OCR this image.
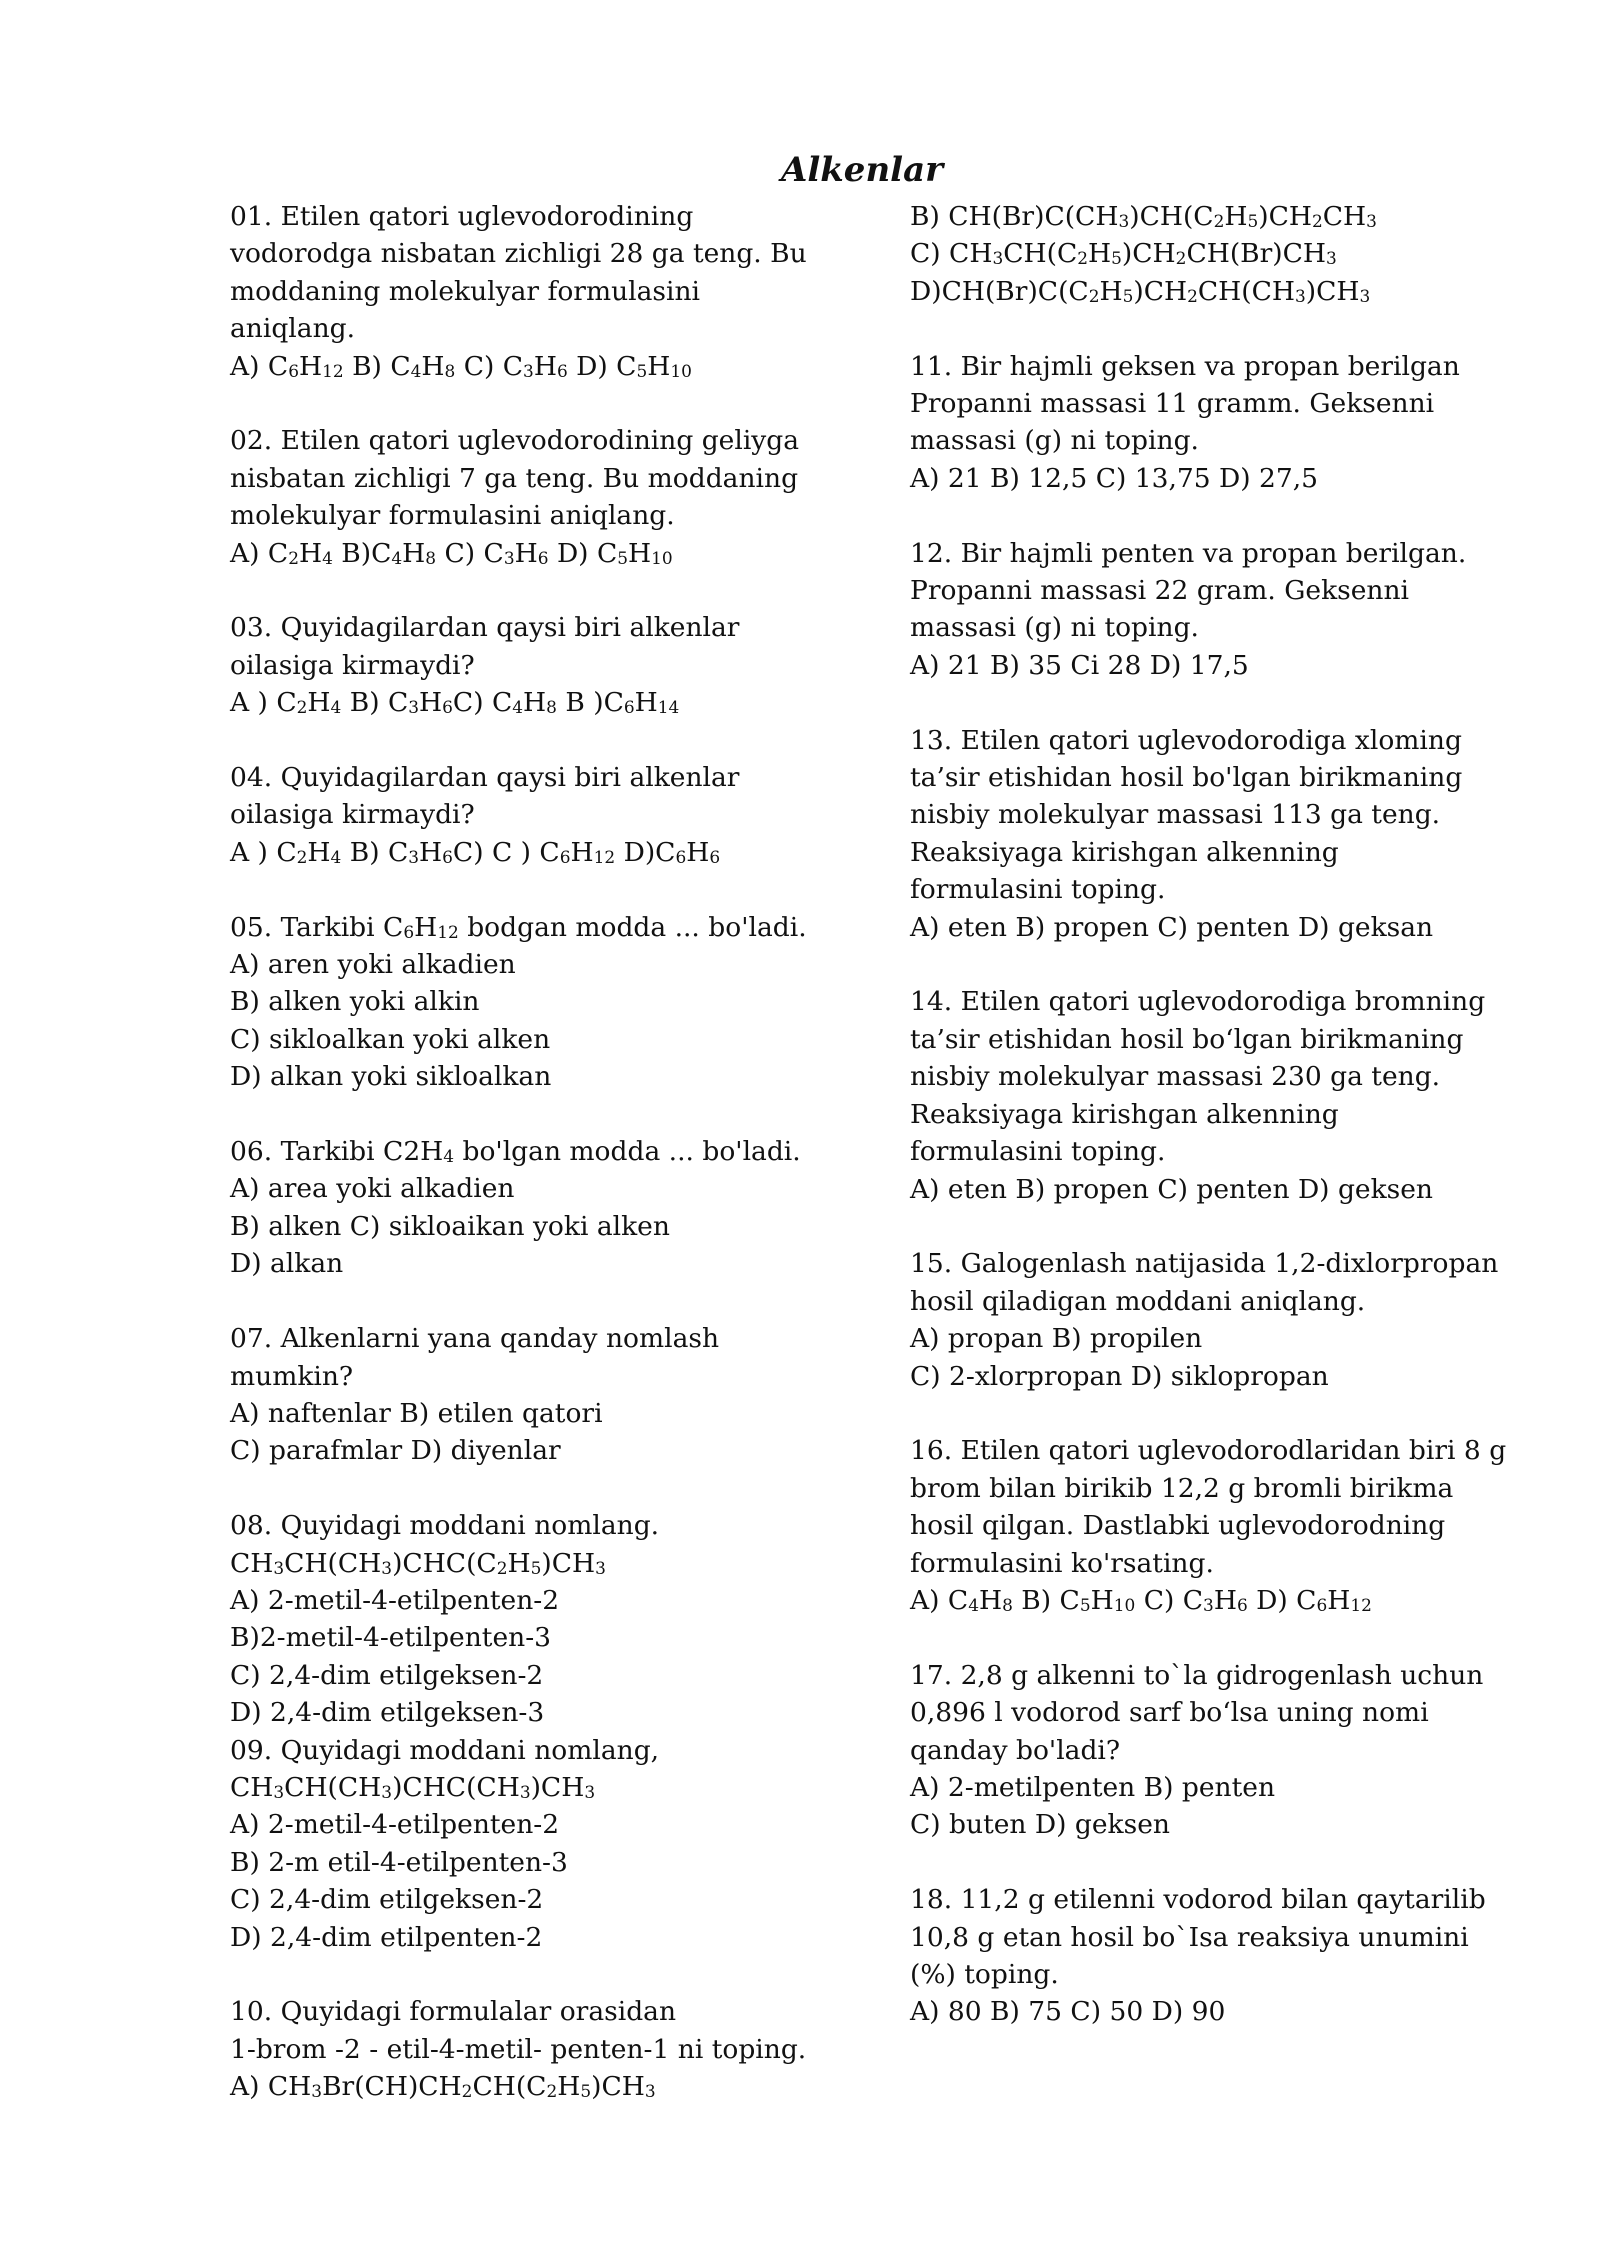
Alkenlar
01. Etilen qatori uglevodorodining
vodorodga nisbatan zichligi 28 ga teng. Bu
moddaning molekulyar formulasini
aniqlang.
A) $C_6H_{12}$ B) $C_4H_8$ C) $C_3H_6$ D) $C_5H_{10}$
02. Etilen qatori uglevodorodining geliyga
nisbatan zichligi 7 ga teng. Bu moddaning
molekulyar formulasini aniqlang.
A) $C_2H_4$ $B)C_4H_8$ C) $C_3H_6$ D) $C_5H_{10}$
03. Quyidagilardan qaysi biri alkenlar
oilasiga kirmaydi?
A ) $C_2H_4$ B) $C_3H_6C$) $C_4H_8$ B )$C_6H_{14}$
04. Quyidagilardan qaysi biri alkenlar
oilasiga kirmaydi?
A ) $C_2H_4$ B) $C_3H_6C$) C ) $C_6H_{12}$ $D)C_6H_6$
05. Tarkibi $C_6H_{12}$ bodgan modda ... bo'ladi.
A) aren yoki alkadien
B) alken yoki alkin
C) sikloalkan yoki alken
D) alkan yoki sikloalkan
06. Tarkibi $C2H_4$ bo'lgan modda ... bo'ladi.
A) area yoki alkadien
B) alken C) sikloaikan yoki alken
D) alkan
07. Alkenlarni yana qanday nomlash
mumkin?
A) naftenlar B) etilen qatori
C) parafmlar D) diyenlar
08. Quyidagi moddani nomlang.
$CH_3CH(CH_3)CHC(C_2H_5)CH_3$
A) 2-metil-4-etilpenten-2
B)2-metil-4-etilpenten-3
C) 2,4-dim etilgeksen-2
D) 2,4-dim etilgeksen-3
09. Quyidagi moddani nomlang,
$CH_3CH(CH_3)CHC(CH_3)CH_3$
A) 2-metil-4-etilpenten-2
B) 2-m etil-4-etilpenten-3
C) 2,4-dim etilgeksen-2
D) 2,4-dim etilpenten-2
10. Quyidagi formulalar orasidan
1-brom -2 - etil-4-metil- penten-1 ni toping.
A) $CH_3Br(CH)CH_2CH(C_2H_5)CH_3$
B) $CH(Br)C(CH_3)CH(C_2H_5)CH_2CH_3$
C) $CH_3CH(C_2H_5)CH_2CH(Br)CH_3$
$D)CH(Br)C(C_2H_5)CH_2CH(CH_3)CH_3$
11. Bir hajmli geksen va propan berilgan
Propanni massasi 11 gramm. Geksenni
massasi (g) ni toping.
A) 21 B) 12,5 C) 13,75 D) 27,5
12. Bir hajmli penten va propan berilgan.
Propanni massasi 22 gram. Geksenni
massasi (g) ni toping.
A) 21 B) 35 Ci 28 D) 17,5
13. Etilen qatori uglevodorodiga xloming
ta’sir etishidan hosil bo'lgan birikmaning
nisbiy molekulyar massasi 113 ga teng.
Reaksiyaga kirishgan alkenning
formulasini toping.
A) eten B) propen C) penten D) geksan
14. Etilen qatori uglevodorodiga bromning
ta’sir etishidan hosil bo‘lgan birikmaning
nisbiy molekulyar massasi 230 ga teng.
Reaksiyaga kirishgan alkenning
formulasini toping.
A) eten B) propen C) penten D) geksen
15. Galogenlash natijasida 1,2-dixlorpropan
hosil qiladigan moddani aniqlang.
A) propan B) propilen
C) 2-xlorpropan D) siklopropan
16. Etilen qatori uglevodorodlaridan biri 8 g
brom bilan birikib 12,2 g bromli birikma
hosil qilgan. Dastlabki uglevodorodning
formulasini ko'rsating.
A) $C_4H_8$ B) $C_5H_{10}$ C) $C_3H_6$ D) $C_6H_{12}$
17. 2,8 g alkenni to`la gidrogenlash uchun
0,896 l vodorod sarf bo‘lsa uning nomi
qanday bo'ladi?
A) 2-metilpenten B) penten
C) buten D) geksen
18. 11,2 g etilenni vodorod bilan qaytarilib
10,8 g etan hosil bo`Isa reaksiya unumini
(%) toping.
A) 80 B) 75 C) 50 D) 90
